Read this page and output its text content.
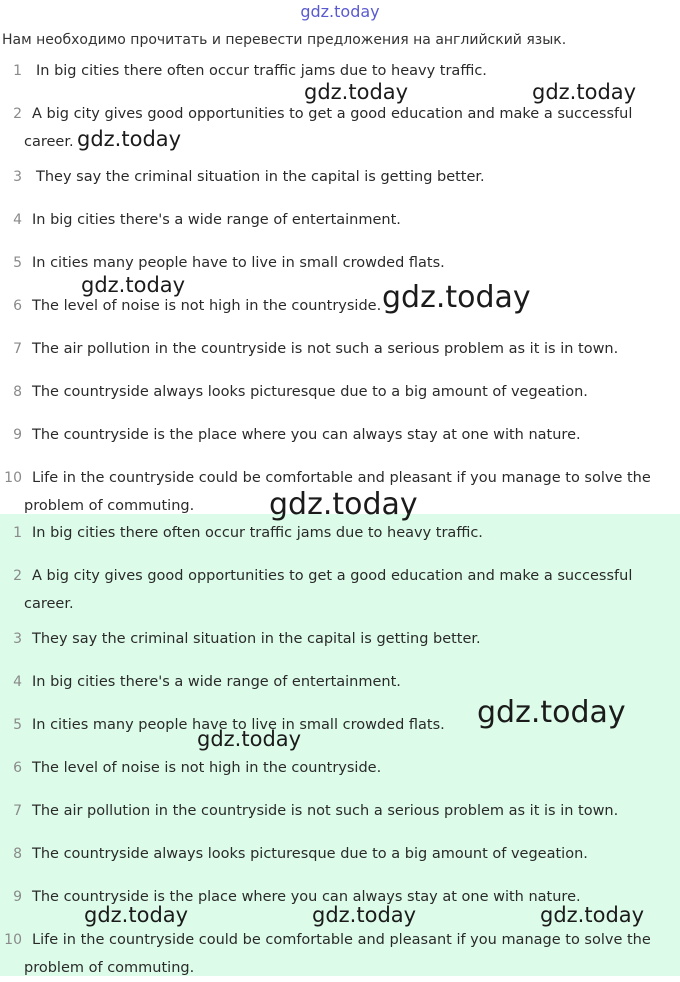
gdz.today
Нам необходимо прочитать и перевести предложения на английский язык.
1 In big cities there often occur traffic jams due to heavy traffic.
2 A big city gives good opportunities to get a good education and make a successful
career.
3 They say the criminal situation in the capital is getting better.
4 In big cities there's a wide range of entertainment.
5 In cities many people have to live in small crowded flats.
6 The level of noise is not high in the countryside.
7 The air pollution in the countryside is not such a serious problem as it is in town.
8 The countryside always looks picturesque due to a big amount of vegeation.
9 The countryside is the place where you can always stay at one with nature.
10 Life in the countryside could be comfortable and pleasant if you manage to solve the
problem of commuting.
1 In big cities there often occur traffic jams due to heavy traffic.
2 A big city gives good opportunities to get a good education and make a successful
career.
3 They say the criminal situation in the capital is getting better.
4 In big cities there's a wide range of entertainment.
5 In cities many people have to live in small crowded flats.
6 The level of noise is not high in the countryside.
7 The air pollution in the countryside is not such a serious problem as it is in town.
8 The countryside always looks picturesque due to a big amount of vegeation.
9 The countryside is the place where you can always stay at one with nature.
10 Life in the countryside could be comfortable and pleasant if you manage to solve the
problem of commuting.
gdz.today	gdz.today
gdz.today
gdz.today	gdz.today
gdz.today
gdz.today
gdz.today
gdz.today	gdz.today	gdz.today
